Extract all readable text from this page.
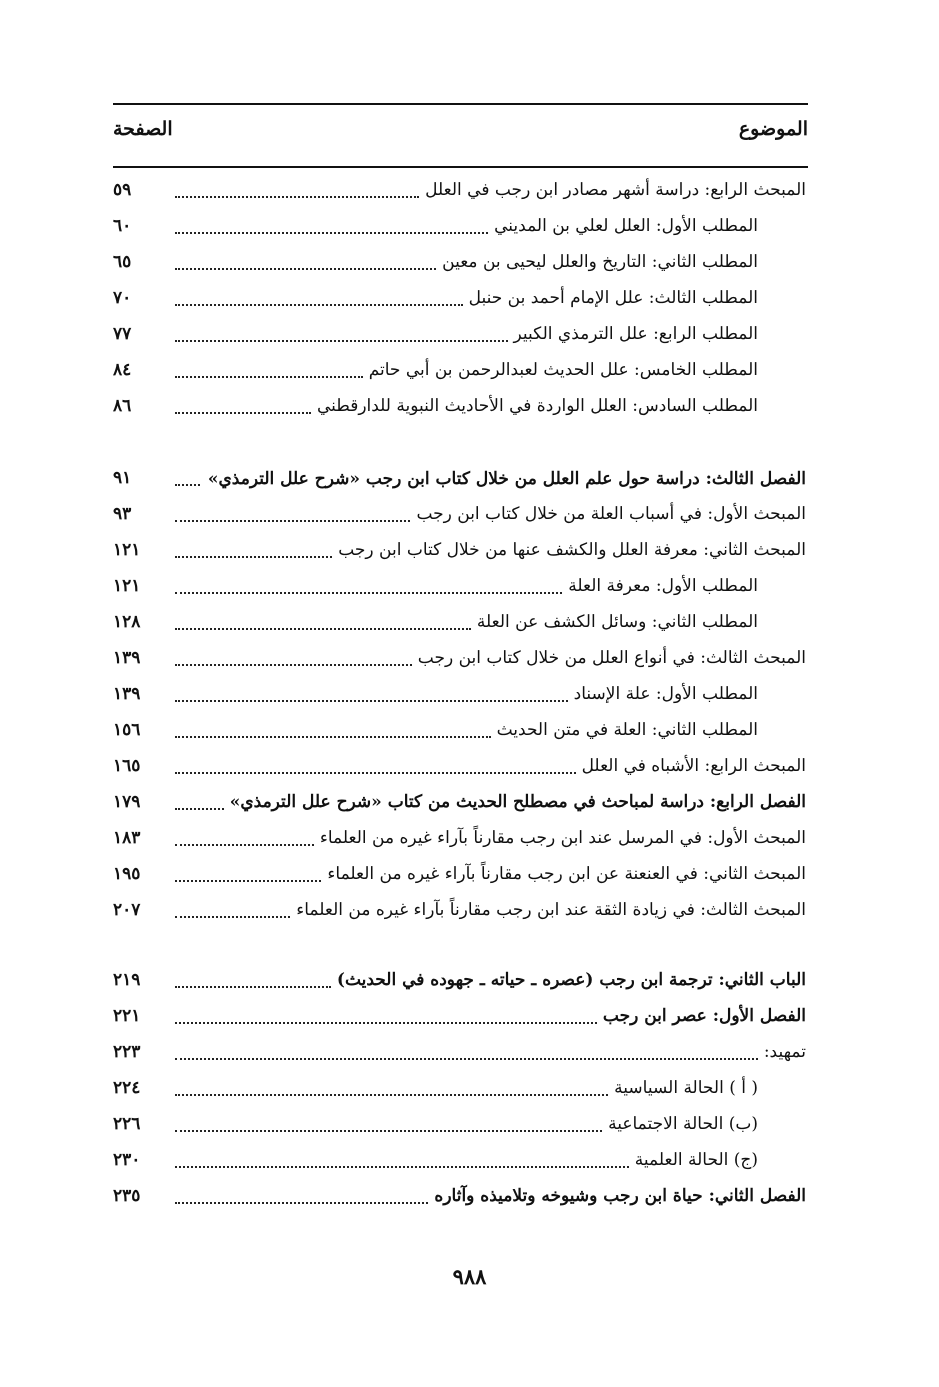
الموضوع
الصفحة
المبحث الرابع: دراسة أشهر مصادر ابن رجب في العلل
٥٩
المطلب الأول: العلل لعلي بن المديني
٦٠
المطلب الثاني: التاريخ والعلل ليحيى بن معين
٦٥
المطلب الثالث: علل الإمام أحمد بن حنبل
٧٠
المطلب الرابع: علل الترمذي الكبير
٧٧
المطلب الخامس: علل الحديث لعبدالرحمن بن أبي حاتم
٨٤
المطلب السادس: العلل الواردة في الأحاديث النبوية للدارقطني
٨٦
الفصل الثالث: دراسة حول علم العلل من خلال كتاب ابن رجب «شرح علل الترمذي»
٩١
المبحث الأول: في أسباب العلة من خلال كتاب ابن رجب
٩٣
المبحث الثاني: معرفة العلل والكشف عنها من خلال كتاب ابن رجب
١٢١
المطلب الأول: معرفة العلة
١٢١
المطلب الثاني: وسائل الكشف عن العلة
١٢٨
المبحث الثالث: في أنواع العلل من خلال كتاب ابن رجب
١٣٩
المطلب الأول: علة الإسناد
١٣٩
المطلب الثاني: العلة في متن الحديث
١٥٦
المبحث الرابع: الأشباه في العلل
١٦٥
الفصل الرابع: دراسة لمباحث في مصطلح الحديث من كتاب «شرح علل الترمذي»
١٧٩
المبحث الأول: في المرسل عند ابن رجب مقارناً بآراء غيره من العلماء
١٨٣
المبحث الثاني: في العنعنة عن ابن رجب مقارناً بآراء غيره من العلماء
١٩٥
المبحث الثالث: في زيادة الثقة عند ابن رجب مقارناً بآراء غيره من العلماء
٢٠٧
الباب الثاني: ترجمة ابن رجب (عصره ـ حياته ـ جهوده في الحديث)
٢١٩
الفصل الأول: عصر ابن رجب
٢٢١
تمهيد:
٢٢٣
( أ ) الحالة السياسية
٢٢٤
(ب) الحالة الاجتماعية
٢٢٦
(ج) الحالة العلمية
٢٣٠
الفصل الثاني: حياة ابن رجب وشيوخه وتلاميذه وآثاره
٢٣٥
٩٨٨
